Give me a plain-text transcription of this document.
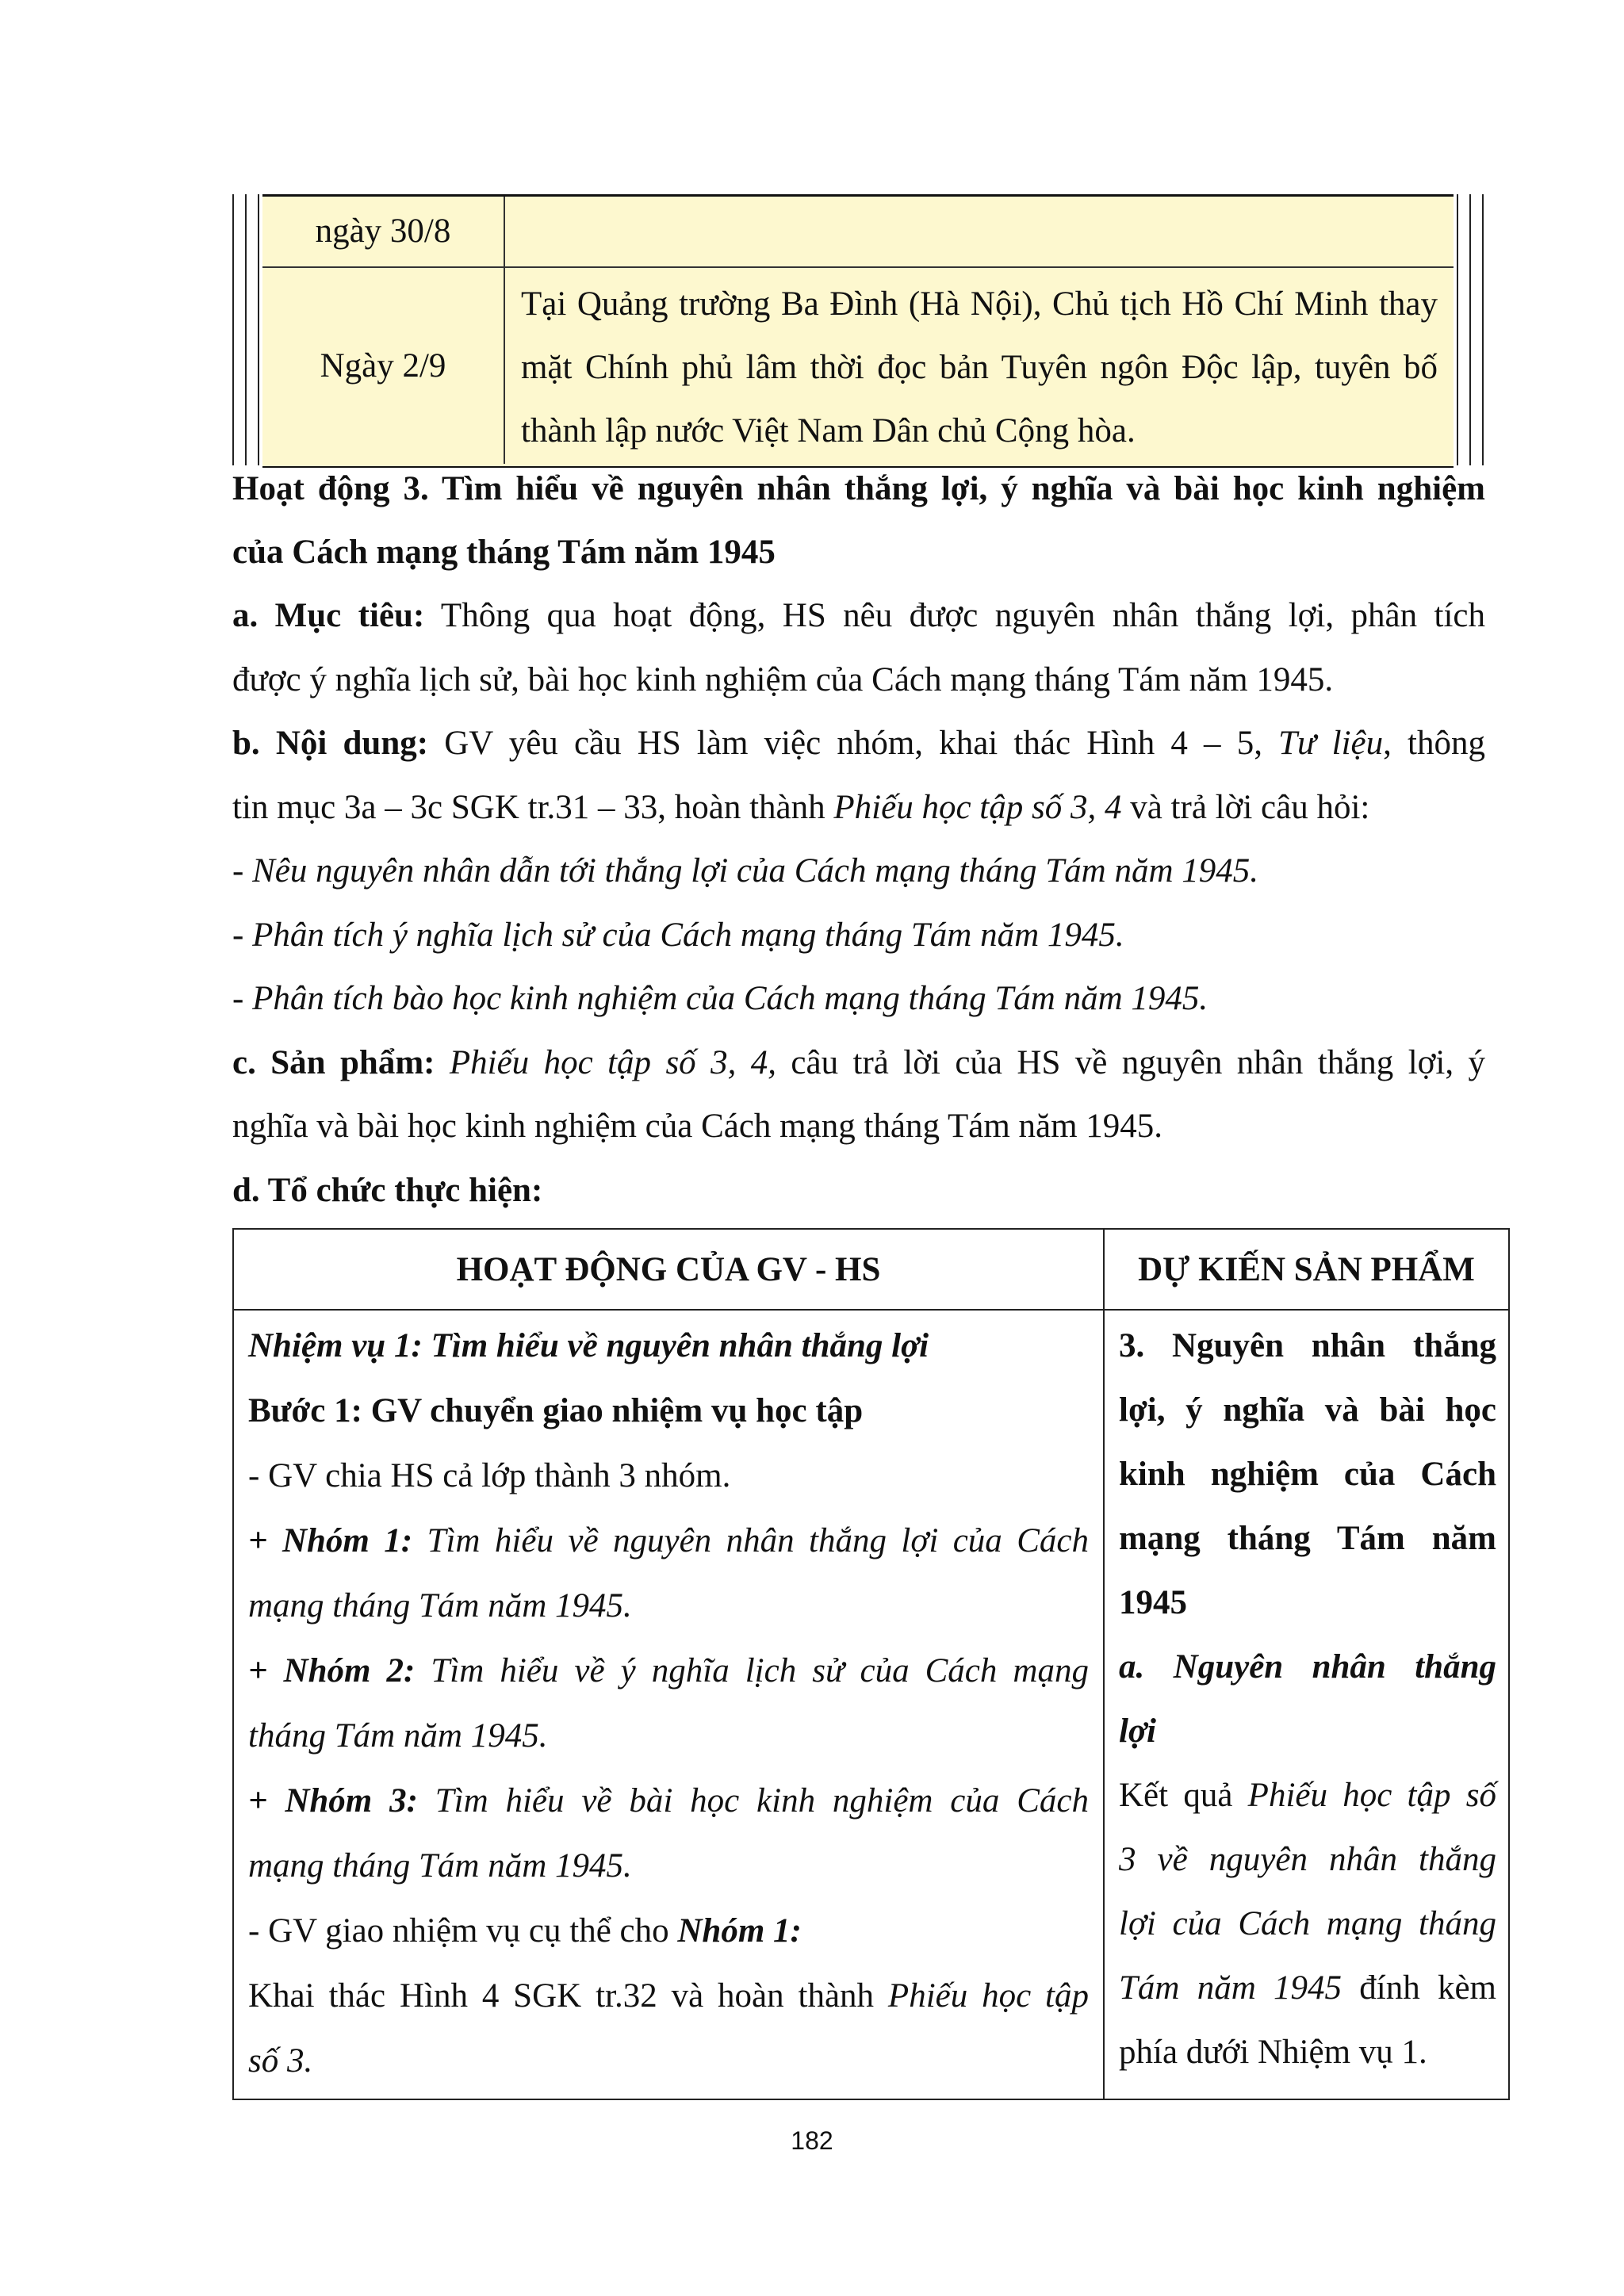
ngày 30/8
Ngày 2/9
Tại Quảng trường Ba Đình (Hà Nội), Chủ tịch Hồ Chí Minh thay
mặt Chính phủ lâm thời đọc bản Tuyên ngôn Độc lập, tuyên bố
thành lập nước Việt Nam Dân chủ Cộng hòa.
Hoạt động 3. Tìm hiểu về nguyên nhân thắng lợi, ý nghĩa và bài học kinh nghiệm
của Cách mạng tháng Tám năm 1945
a. Mục tiêu: Thông qua hoạt động, HS nêu được nguyên nhân thắng lợi, phân tích
được ý nghĩa lịch sử, bài học kinh nghiệm của Cách mạng tháng Tám năm 1945.
b. Nội dung: GV yêu cầu HS làm việc nhóm, khai thác Hình 4 – 5, Tư liệu, thông
tin mục 3a – 3c SGK tr.31 – 33, hoàn thành Phiếu học tập số 3, 4 và trả lời câu hỏi:
- Nêu nguyên nhân dẫn tới thắng lợi của Cách mạng tháng Tám năm 1945.
- Phân tích ý nghĩa lịch sử của Cách mạng tháng Tám năm 1945.
- Phân tích bào học kinh nghiệm của Cách mạng tháng Tám năm 1945.
c. Sản phẩm: Phiếu học tập số 3, 4, câu trả lời của HS về nguyên nhân thắng lợi, ý
nghĩa và bài học kinh nghiệm của Cách mạng tháng Tám năm 1945.
d. Tổ chức thực hiện:
HOẠT ĐỘNG CỦA GV - HS	DỰ KIẾN SẢN PHẨM
Nhiệm vụ 1: Tìm hiểu về nguyên nhân thắng lợi
Bước 1: GV chuyển giao nhiệm vụ học tập
- GV chia HS cả lớp thành 3 nhóm.
+ Nhóm 1: Tìm hiểu về nguyên nhân thắng lợi của Cách
mạng tháng Tám năm 1945.
+ Nhóm 2: Tìm hiểu về ý nghĩa lịch sử của Cách mạng
tháng Tám năm 1945.
+ Nhóm 3: Tìm hiểu về bài học kinh nghiệm của Cách
mạng tháng Tám năm 1945.
- GV giao nhiệm vụ cụ thể cho Nhóm 1:
Khai thác Hình 4 SGK tr.32 và hoàn thành Phiếu học tập
số 3.
3. Nguyên nhân thắng
lợi, ý nghĩa và bài học
kinh nghiệm của Cách
mạng tháng Tám năm
1945
a. Nguyên nhân thắng
lợi
Kết quả Phiếu học tập số
3 về nguyên nhân thắng
lợi của Cách mạng tháng
Tám năm 1945 đính kèm
phía dưới Nhiệm vụ 1.
182
